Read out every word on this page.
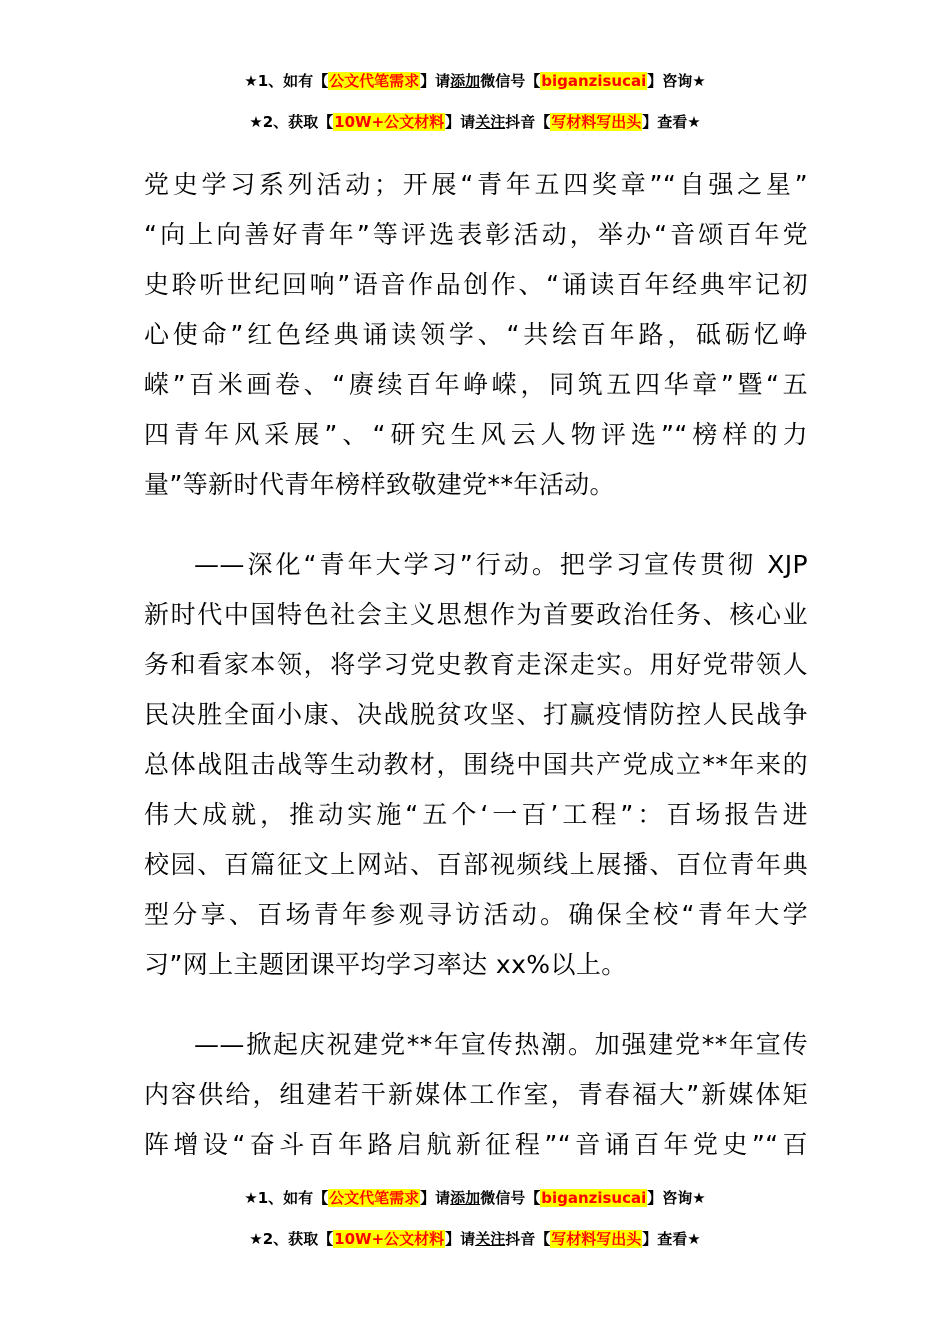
★1、如有【公文代笔需求】请添加微信号【biganzisucai】咨询★
★2、获取【10W+公文材料】请关注抖音【写材料写出头】查看★
党史学习系列活动；开展“青年五四奖章”“自强之星”
“向上向善好青年”等评选表彰活动，举办“音颂百年党
史聆听世纪回响”语音作品创作、“诵读百年经典牢记初
心使命”红色经典诵读领学、“共绘百年路，砥砺忆峥
嵘”百米画卷、“赓续百年峥嵘，同筑五四华章”暨“五
四青年风采展”、“研究生风云人物评选”“榜样的力
量”等新时代青年榜样致敬建党**年活动。
——深化“青年大学习”行动。把学习宣传贯彻 XJP
新时代中国特色社会主义思想作为首要政治任务、核心业
务和看家本领，将学习党史教育走深走实。用好党带领人
民决胜全面小康、决战脱贫攻坚、打赢疫情防控人民战争
总体战阻击战等生动教材，围绕中国共产党成立**年来的
伟大成就，推动实施“五个‘一百’工程”：百场报告进
校园、百篇征文上网站、百部视频线上展播、百位青年典
型分享、百场青年参观寻访活动。确保全校“青年大学
习”网上主题团课平均学习率达 xx%以上。
——掀起庆祝建党**年宣传热潮。加强建党**年宣传
内容供给，组建若干新媒体工作室，青春福大”新媒体矩
阵增设“奋斗百年路启航新征程”“音诵百年党史”“百
★1、如有【公文代笔需求】请添加微信号【biganzisucai】咨询★
★2、获取【10W+公文材料】请关注抖音【写材料写出头】查看★
